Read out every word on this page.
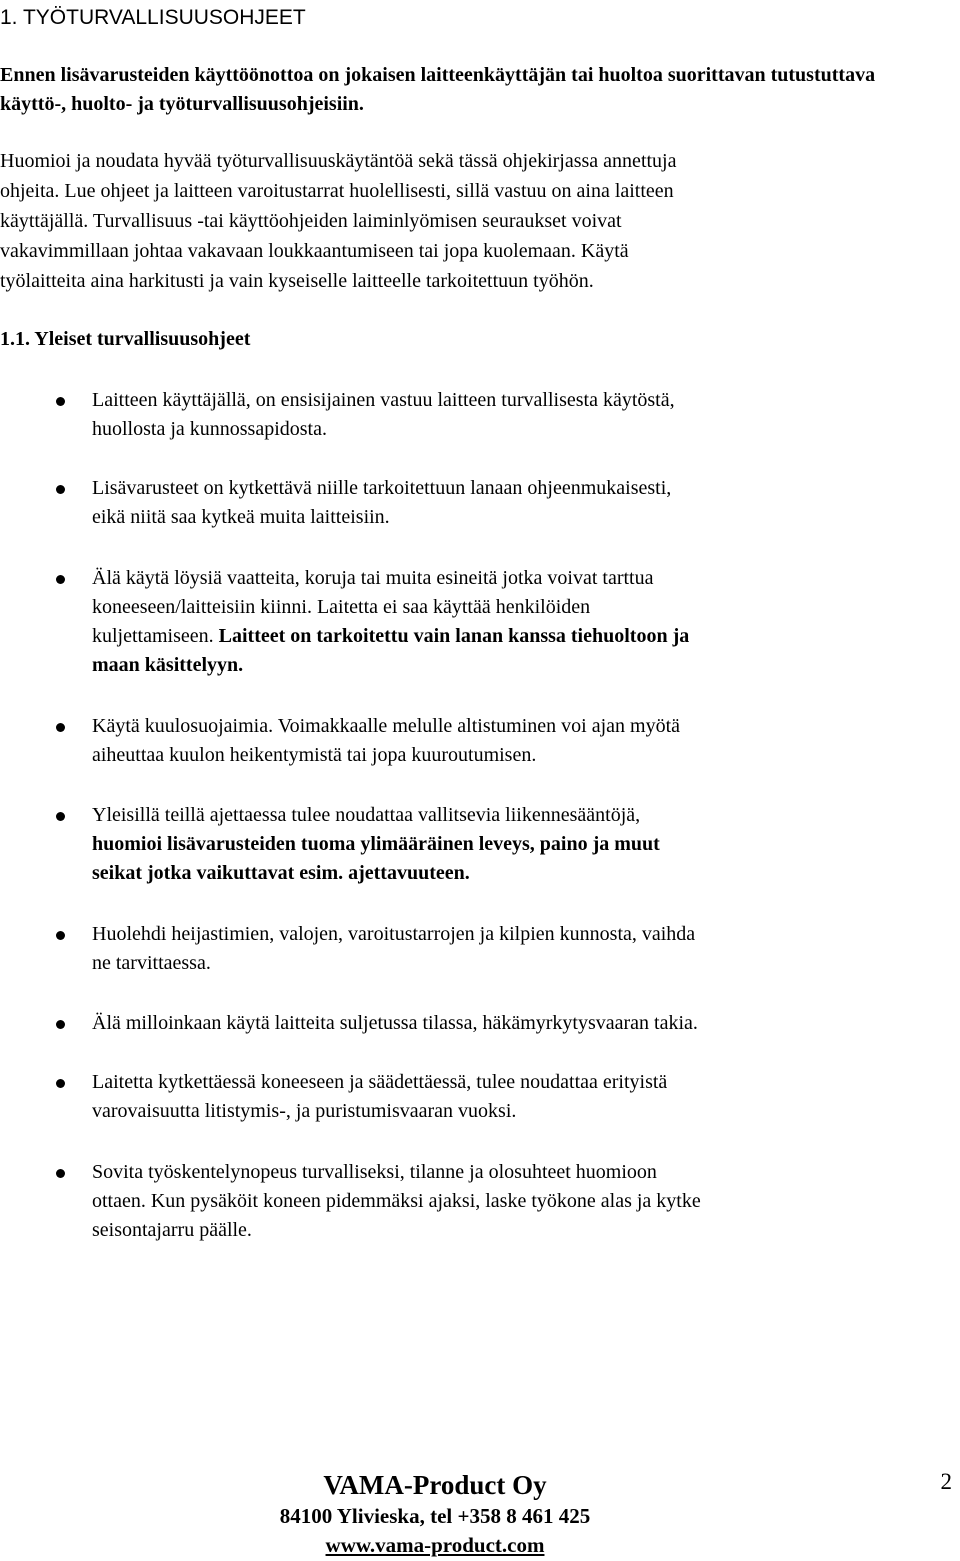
1. TYÖTURVALLISUUSOHJEET

Ennen lisävarusteiden käyttöönottoa on jokaisen laitteenkäyttäjän tai huoltoa suorittavan tutustuttava käyttö-, huolto- ja työturvallisuusohjeisiin.

Huomioi ja noudata hyvää työturvallisuuskäytäntöä sekä tässä ohjekirjassa annettuja
ohjeita. Lue ohjeet ja laitteen varoitustarrat huolellisesti, sillä vastuu on aina laitteen
käyttäjällä. Turvallisuus -tai käyttöohjeiden laiminlyömisen seuraukset voivat
vakavimmillaan johtaa vakavaan loukkaantumiseen tai jopa kuolemaan. Käytä
työlaitteita aina harkitusti ja vain kyseiselle laitteelle tarkoitettuun työhön.
1.1. Yleiset turvallisuusohjeet
Laitteen käyttäjällä, on ensisijainen vastuu laitteen turvallisesta käytöstä,
huollosta ja kunnossapidosta.
Lisävarusteet on kytkettävä niille tarkoitettuun lanaan ohjeenmukaisesti,
eikä niitä saa kytkeä muita laitteisiin.
Älä käytä löysiä vaatteita, koruja tai muita esineitä jotka voivat tarttua
koneeseen/laitteisiin kiinni. Laitetta ei saa käyttää henkilöiden
kuljettamiseen. Laitteet on tarkoitettu vain lanan kanssa tiehuoltoon ja
maan käsittelyyn.
Käytä kuulosuojaimia. Voimakkaalle melulle altistuminen voi ajan myötä
aiheuttaa kuulon heikentymistä tai jopa kuuroutumisen.
Yleisillä teillä ajettaessa tulee noudattaa vallitsevia liikennesääntöjä,
huomioi lisävarusteiden tuoma ylimääräinen leveys, paino ja muut
seikat jotka vaikuttavat esim. ajettavuuteen.
Huolehdi heijastimien, valojen, varoitustarrojen ja kilpien kunnosta, vaihda
ne tarvittaessa.
Älä milloinkaan käytä laitteita suljetussa tilassa, häkämyrkytysvaaran takia.
Laitetta kytkettäessä koneeseen ja säädettäessä, tulee noudattaa erityistä
varovaisuutta litistymis-, ja puristumisvaaran vuoksi.
Sovita työskentelynopeus turvalliseksi, tilanne ja olosuhteet huomioon
ottaen. Kun pysäköit koneen pidemmäksi ajaksi, laske työkone alas ja kytke
seisontajarru päälle.
VAMA-Product Oy
84100 Ylivieska, tel +358 8 461 425
www.vama-product.com
2
